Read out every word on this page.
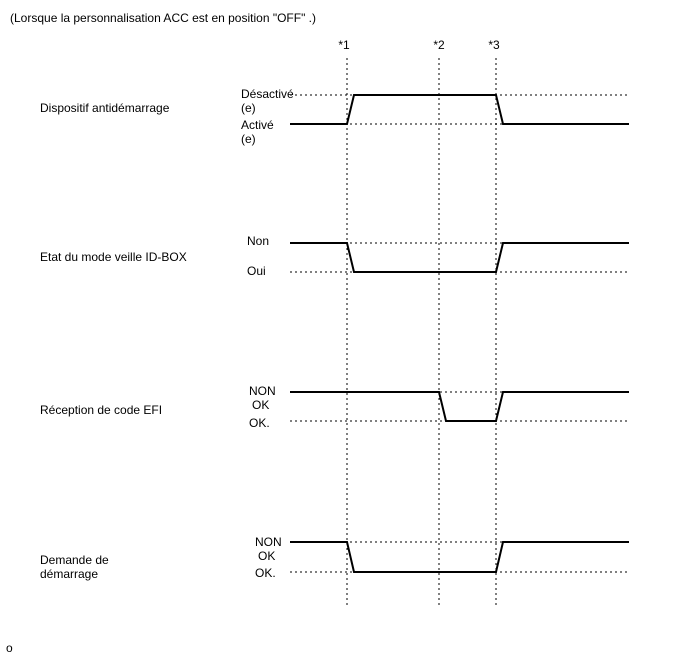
(Lorsque la personnalisation ACC est en position "OFF" .)
*1	*2	*3
Dispositif antidémarrage
Désactivé
(e)
Activé
(e)
Etat du mode veille ID-BOX
Non
Oui
Réception de code EFI
NON
OK
OK.
Demande de démarrage
NON
OK
OK.
o
